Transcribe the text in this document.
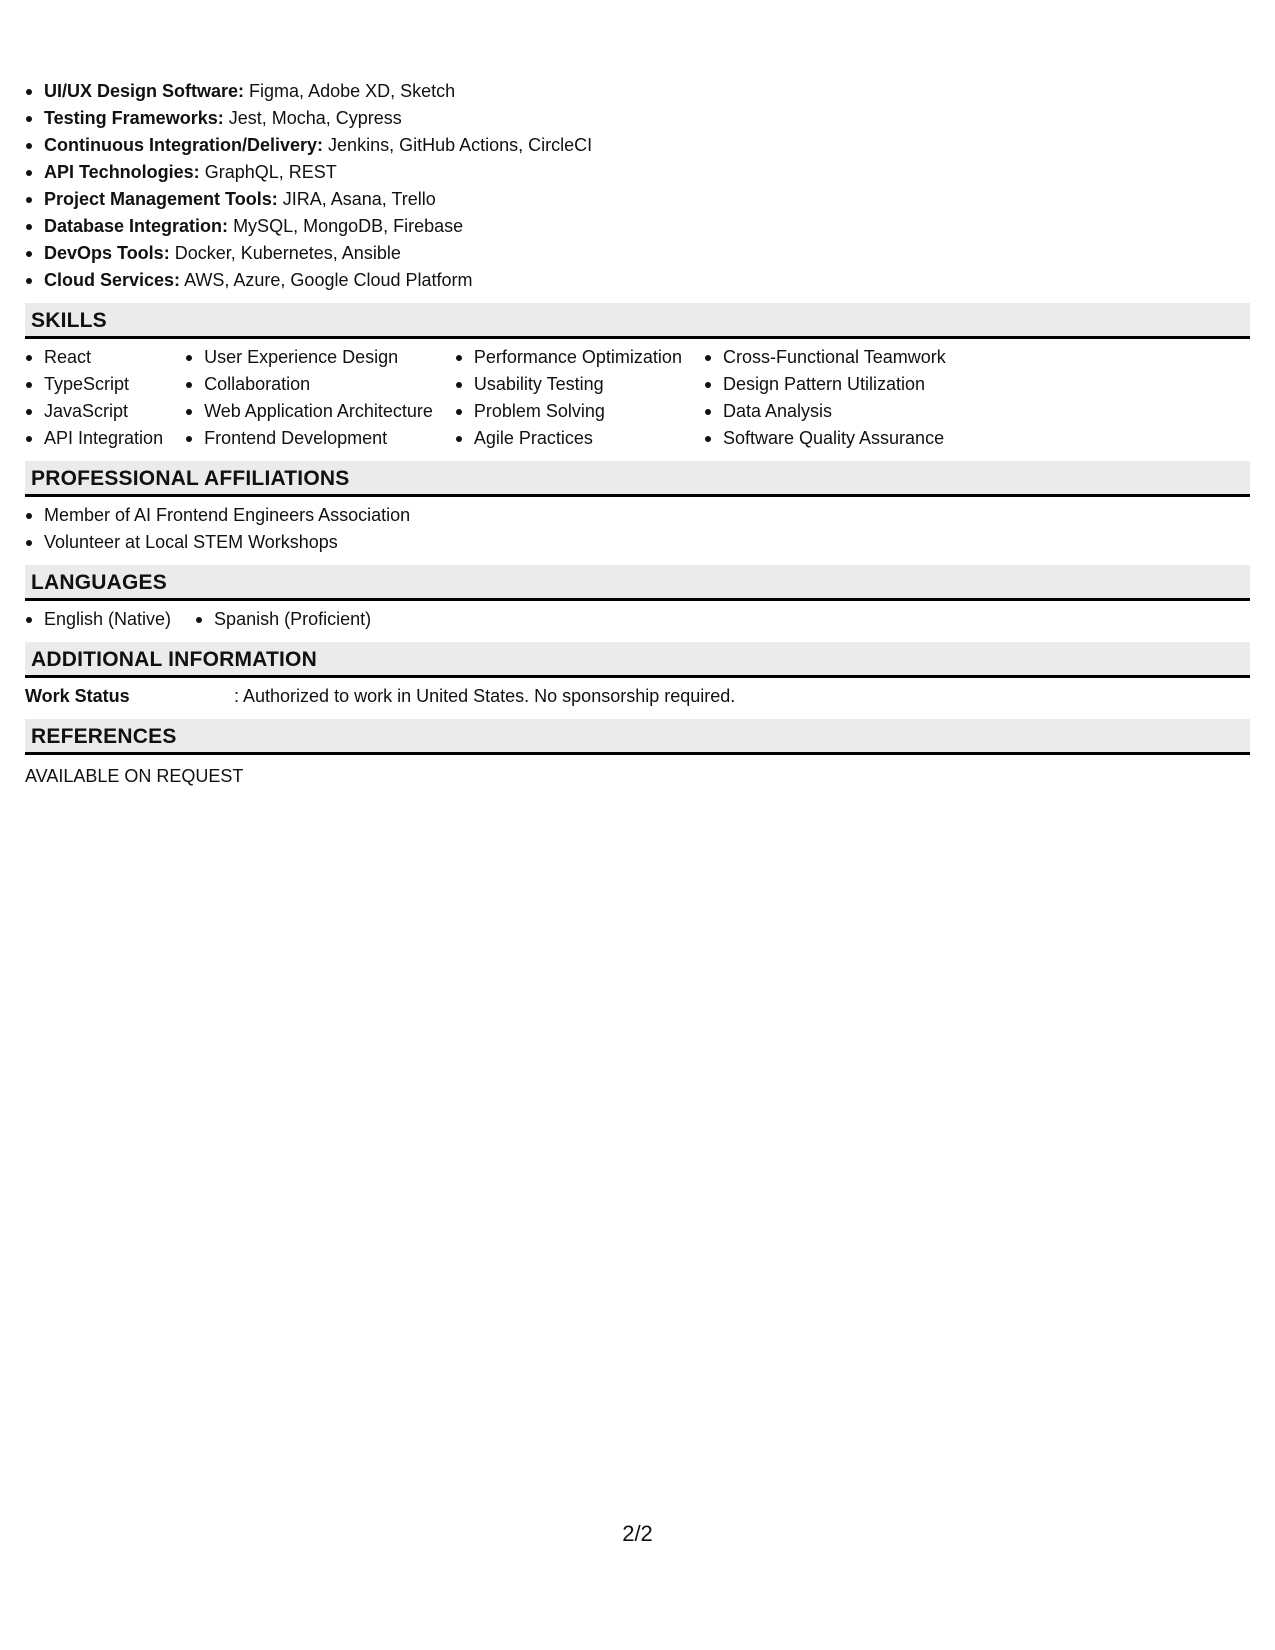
UI/UX Design Software: Figma, Adobe XD, Sketch
Testing Frameworks: Jest, Mocha, Cypress
Continuous Integration/Delivery: Jenkins, GitHub Actions, CircleCI
API Technologies: GraphQL, REST
Project Management Tools: JIRA, Asana, Trello
Database Integration: MySQL, MongoDB, Firebase
DevOps Tools: Docker, Kubernetes, Ansible
Cloud Services: AWS, Azure, Google Cloud Platform
SKILLS
React
TypeScript
JavaScript
API Integration
User Experience Design
Collaboration
Web Application Architecture
Frontend Development
Performance Optimization
Usability Testing
Problem Solving
Agile Practices
Cross-Functional Teamwork
Design Pattern Utilization
Data Analysis
Software Quality Assurance
PROFESSIONAL AFFILIATIONS
Member of AI Frontend Engineers Association
Volunteer at Local STEM Workshops
LANGUAGES
English (Native)	Spanish (Proficient)
ADDITIONAL INFORMATION
Work Status	: Authorized to work in United States. No sponsorship required.
REFERENCES
AVAILABLE ON REQUEST
2/2
